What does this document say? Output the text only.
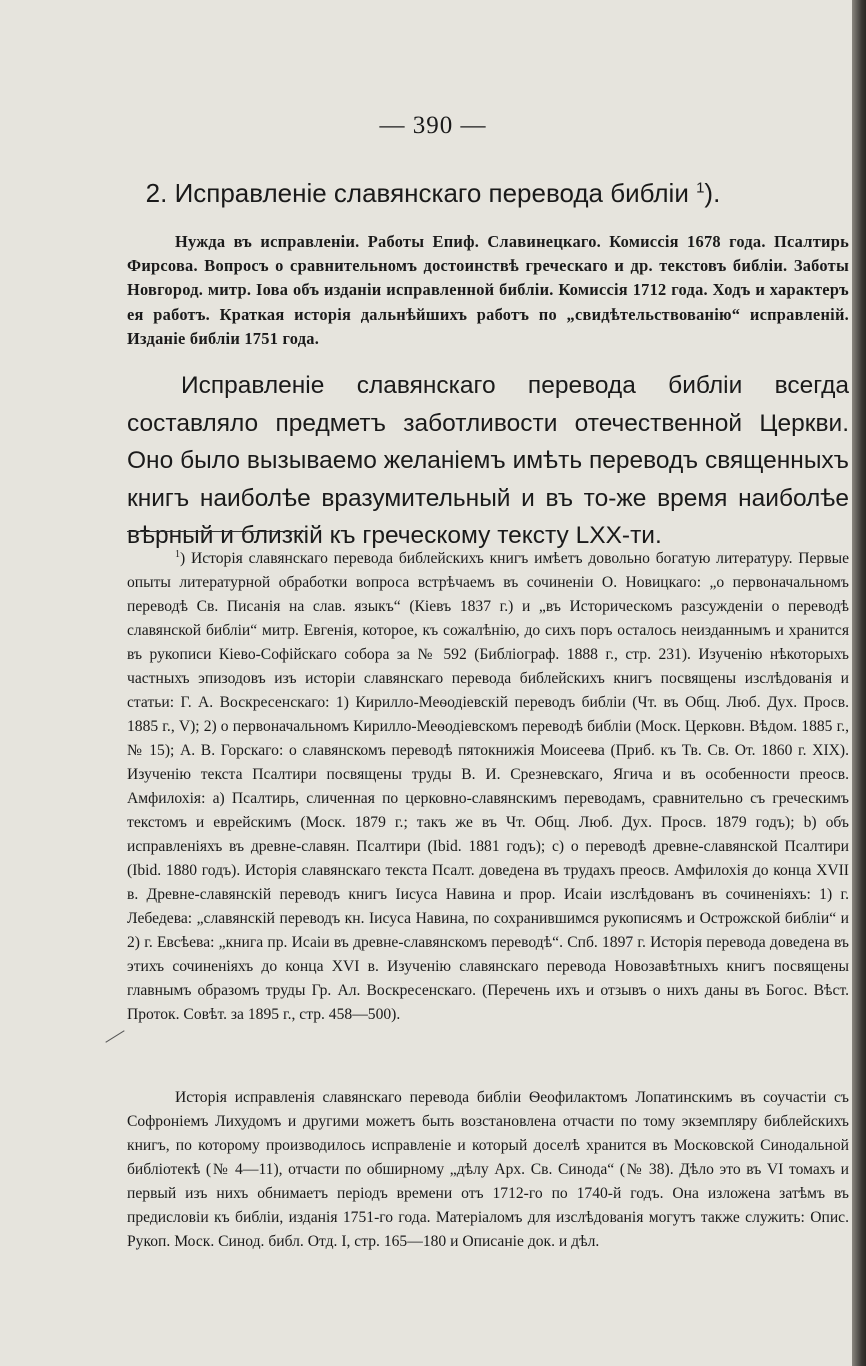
— 390 —
2. Исправленіе славянскаго перевода библіи $^1$).
Нужда въ исправленіи. Работы Епиф. Славинецкаго. Комиссія 1678 года. Псалтирь Фирсова. Вопросъ о сравнительномъ достоинствѣ греческаго и др. текстовъ библіи. Заботы Новгород. митр. Іова объ изданіи исправленной библіи. Комиссія 1712 года. Ходъ и характеръ ея работъ. Краткая исторія дальнѣйшихъ работъ по „свидѣтельствованію“ исправленій. Изданіе библіи 1751 года.
Исправленіе славянскаго перевода библіи всегда составляло предметъ заботливости отечественной Церкви. Оно было вызываемо желаніемъ имѣть переводъ священныхъ книгъ наиболѣе вразумительный и въ то-же время наиболѣе вѣрный и близкій къ греческому тексту LXX-ти.
$^1$) Исторія славянскаго перевода библейскихъ книгъ имѣетъ довольно богатую литературу. Первые опыты литературной обработки вопроса встрѣчаемъ въ сочиненіи О. Новицкаго: „о первоначальномъ переводѣ Св. Писанія на слав. языкъ“ (Кіевъ 1837 г.) и „въ Историческомъ разсужденіи о переводѣ славянской библіи“ митр. Евгенія, которое, къ сожалѣнію, до сихъ поръ осталось неизданнымъ и хранится въ рукописи Кіево-Софійскаго собора за № 592 (Библіограф. 1888 г., стр. 231). Изученію нѣкоторыхъ частныхъ эпизодовъ изъ исторіи славянскаго перевода библейскихъ книгъ посвящены изслѣдованія и статьи: Г. А. Воскресенскаго: 1) Кирилло-Меѳодіевскій переводъ библіи (Чт. въ Общ. Люб. Дух. Просв. 1885 г., V); 2) о первоначальномъ Кирилло-Меѳодіевскомъ переводѣ библіи (Моск. Церковн. Вѣдом. 1885 г., № 15); А. В. Горскаго: о славянскомъ переводѣ пятокнижія Моисеева (Приб. къ Тв. Св. От. 1860 г. XIX). Изученію текста Псалтири посвящены труды В. И. Срезневскаго, Ягича и въ особенности преосв. Амфилохія: а) Псалтирь, сличенная по церковно-славянскимъ переводамъ, сравнительно съ греческимъ текстомъ и еврейскимъ (Моск. 1879 г.; такъ же въ Чт. Общ. Люб. Дух. Просв. 1879 годъ); b) объ исправленіяхъ въ древне-славян. Псалтири (Ibid. 1881 годъ); с) о переводѣ древне-славянской Псалтири (Ibid. 1880 годъ). Исторія славянскаго текста Псалт. доведена въ трудахъ преосв. Амфилохія до конца XVII в. Древне-славянскій переводъ книгъ Іисуса Навина и прор. Исаіи изслѣдованъ въ сочиненіяхъ: 1) г. Лебедева: „славянскій переводъ кн. Іисуса Навина, по сохранившимся рукописямъ и Острожской библіи“ и 2) г. Евсѣева: „книга пр. Исаіи въ древне-славянскомъ переводѣ“. Спб. 1897 г. Исторія перевода доведена въ этихъ сочиненіяхъ до конца XVI в. Изученію славянскаго перевода Новозавѣтныхъ книгъ посвящены главнымъ образомъ труды Гр. Ал. Воскресенскаго. (Перечень ихъ и отзывъ о нихъ даны въ Богос. Вѣст. Проток. Совѣт. за 1895 г., стр. 458—500).
Исторія исправленія славянскаго перевода библіи Ѳеофилактомъ Лопатинскимъ въ соучастіи съ Софроніемъ Лихудомъ и другими можетъ быть возстановлена отчасти по тому экземпляру библейскихъ книгъ, по которому производилось исправленіе и который доселѣ хранится въ Московской Синодальной библіотекѣ (№ 4—11), отчасти по обширному „дѣлу Арх. Св. Синода“ (№ 38). Дѣло это въ VI томахъ и первый изъ нихъ обнимаетъ періодъ времени отъ 1712-го по 1740-й годъ. Она изложена затѣмъ въ предисловіи къ библіи, изданія 1751-го года. Матеріаломъ для изслѣдованія могутъ также служить: Опис. Рукоп. Моск. Синод. библ. Отд. I, стр. 165—180 и Описаніе док. и дѣл.
